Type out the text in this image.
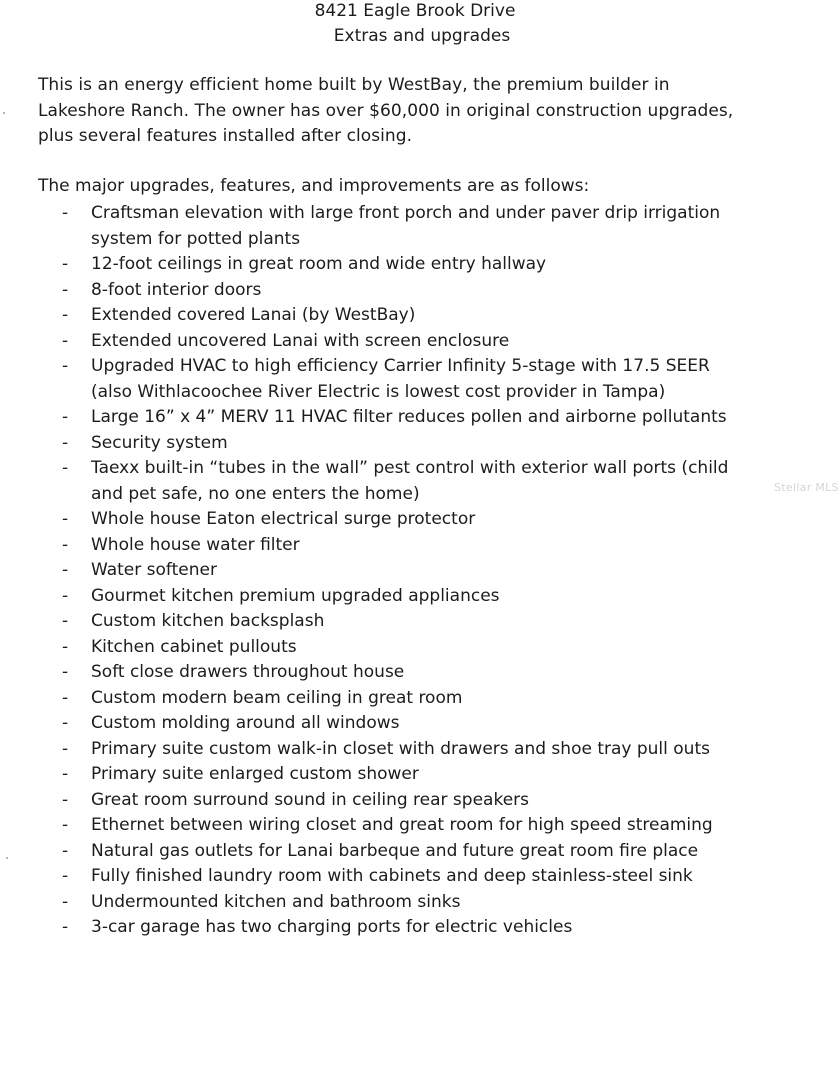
8421 Eagle Brook Drive
Extras and upgrades
This is an energy efficient home built by WestBay, the premium builder in
Lakeshore Ranch. The owner has over $60,000 in original construction upgrades,
plus several features installed after closing.
The major upgrades, features, and improvements are as follows:
- Craftsman elevation with large front porch and under paver drip irrigation
system for potted plants
- 12-foot ceilings in great room and wide entry hallway
- 8-foot interior doors
- Extended covered Lanai (by WestBay)
- Extended uncovered Lanai with screen enclosure
- Upgraded HVAC to high efficiency Carrier Infinity 5-stage with 17.5 SEER
(also Withlacoochee River Electric is lowest cost provider in Tampa)
- Large 16” x 4” MERV 11 HVAC filter reduces pollen and airborne pollutants
- Security system
- Taexx built-in “tubes in the wall” pest control with exterior wall ports (child
and pet safe, no one enters the home)
- Whole house Eaton electrical surge protector
- Whole house water filter
- Water softener
- Gourmet kitchen premium upgraded appliances
- Custom kitchen backsplash
- Kitchen cabinet pullouts
- Soft close drawers throughout house
- Custom modern beam ceiling in great room
- Custom molding around all windows
- Primary suite custom walk-in closet with drawers and shoe tray pull outs
- Primary suite enlarged custom shower
- Great room surround sound in ceiling rear speakers
- Ethernet between wiring closet and great room for high speed streaming
- Natural gas outlets for Lanai barbeque and future great room fire place
- Fully finished laundry room with cabinets and deep stainless-steel sink
- Undermounted kitchen and bathroom sinks
- 3-car garage has two charging ports for electric vehicles
Stellar MLS
